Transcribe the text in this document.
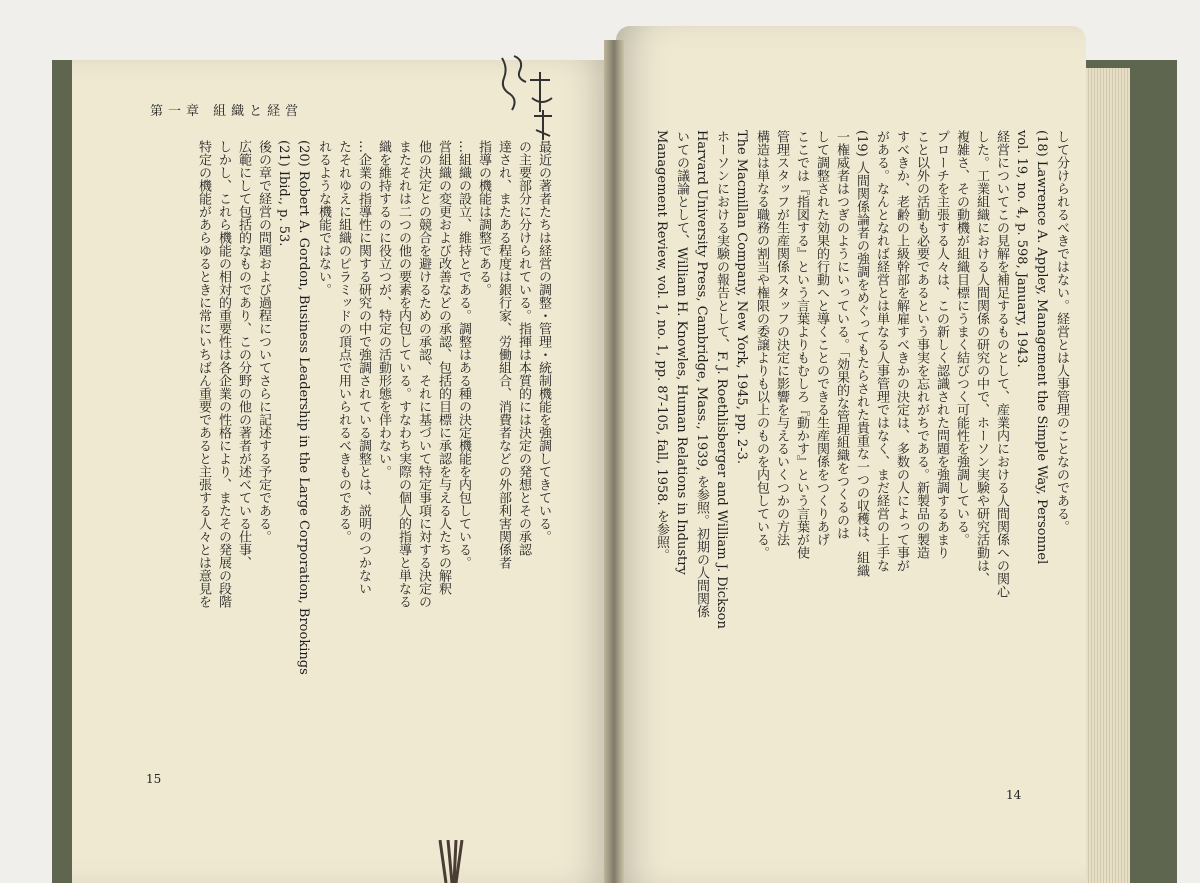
第一章 組織と経営
最近の著者たちは経営の調整・管理・統制機能を強調してきている。
の主要部分に分けられている。指揮は本質的には決定の発想とその承認
達され、またある程度は銀行家、労働組合、消費者などの外部利害関係者
指導の機能は調整である。
…組織の設立、維持とである。調整はある種の決定機能を内包している。
営組織の変更および改善などの承認、包括的目標に承認を与える人たちの解釈
他の決定との競合を避けるための承認、それに基づいて特定事項に対する決定の
またそれは二つの他の要素を内包している。すなわち実際の個人的指導と単なる
織を維持するのに役立つが、特定の活動形態を伴わない。
…企業の指導性に関する研究の中で強調されている調整とは、説明のつかない
たそれゆえに組織のピラミッドの頂点で用いられるべきものである。
れるような機能ではない。
(20) Robert A. Gordon, Business Leadership in the Large Corporation, Brookings
(21) Ibid., p. 53.
後の章で経営の問題および過程についてさらに記述する予定である。
広範にして包括的なものであり、この分野の他の著者が述べている仕事、
しかし、これら機能の相対的重要性は各企業の性格により、またその発展の段階
特定の機能があらゆるときに常にいちばん重要であると主張する人々とは意見を	して分けられるべきではない。経営とは人事管理のことなのである。
(18) Lawrence A. Appley, Management the Simple Way, Personnel
vol. 19, no. 4, p. 598, January, 1943.
経営についてこの見解を補足するものとして、産業内における人間関係への関心
した。工業組織における人間関係の研究の中で、ホーソン実験や研究活動は、
複雑さ、その動機が組織目標にうまく結びつく可能性を強調している。
プローチを主張する人々は、この新しく認識された問題を強調するあまり
こと以外の活動も必要であるという事実を忘れがちである。新製品の製造
すべきか、老齢の上級幹部を解雇すべきかの決定は、多数の人によって事が
がある。なんとなれば経営とは単なる人事管理ではなく、まだ経営の上手な
(19) 人間関係論者の強調をめぐってもたらされた貴重な一つの収穫は、組織
一権威者はつぎのようにいっている。「効果的な管理組織をつくるのは
して調整された効果的行動へと導くことのできる生産関係をつくりあげ
ここでは『指図する』という言葉よりもむしろ『動かす』という言葉が使
管理スタッフが生産関係スタッフの決定に影響を与えるいくつかの方法
構造は単なる職務の割当や権限の委譲よりも以上のものを内包している。
The Macmillan Company, New York, 1945, pp. 2-3.
ホーソンにおける実験の報告として、F. J. Roethlisberger and William J. Dickson
Harvard University Press, Cambridge, Mass., 1939, を参照。初期の人間関係
いての議論として、William H. Knowles, Human Relations in Industry
Management Review, vol. 1, no. 1, pp. 87-105, fall, 1958. を参照。
15
14
